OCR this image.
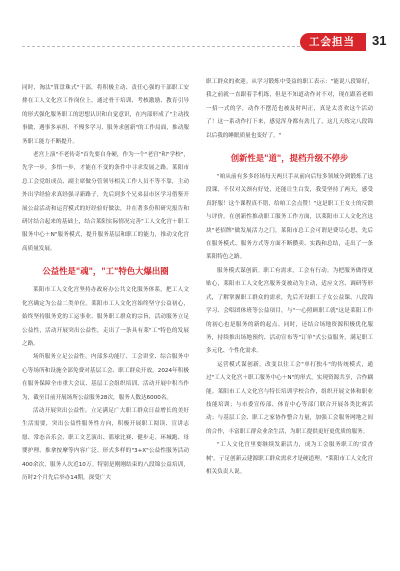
工会担当 31

同时，淘汰"算盘珠式"干部，将积极主动、责任心强的干部职工安排在工人文化宫工作岗位上，通过骨干培训、考核激励、教育引导的形式强化服务职工的思想认识和自觉意识，在内部形成了"主动找事做，遇事多承担、不慢多学习，服务求创新"的工作局面，推动服务职工能力不断提升。

老宫上演"不老传奇"首先要自身硬，作为一个"老宫"和"学校"，先学一步，多悟一步，才能在不变的条件中寻求发展之路。莱阳市总工会党组成员、副主席做分管领导相关工作人员不等不靠，主动外出学经验求真经强寻新路子，先后到多个兄弟县市区学习借鉴开展公益活动和运营模式的好经验好做法，并在著多份积研究报告和研讨结合起来的基础上，结合莱阳实际情况完善"工人文化宫＋职工服务中心＋N"服务模式，提升服务基层和职工的能力，推动文化宫高质量发展。

公益性是"魂"，"工"特色大爆出圈

莱阳市工人文化宫坚持办政府办公共文化服务体系，把工人文化宫确定为公益二类单位。莱阳市工人文化宫始终坚守公益初心，始终坚持服务党的工运事业、服务职工群众的宗旨，活动服务立足公益性，活动开展突出公益性，走出了一条具有莱"工"特色的发展之路。

场所服务立足公益性。内部多功能厅、工会讲堂、综合服务中心等场所和设施全部免费对基层工会、职工群众开放。2024年积极在服务保障全市重大会议、基层工会组织培训、活动开展中积当作为，截至目前开展场所公益服务28次，服务人数达6000名。

活动开展突出公益性。立足满足广大职工群众日益增长的美好生活需要，突出公益性服务性方向，积极开展职工阅读、宣讲志愿、常态音乐会、职工文艺演出、篮球比赛、健步走、环城跑、母婴护理、推拿按摩等内容广泛、形式多样的"3+X"公益性服务活动400余次，服务人次近10万。特别是刚刚结束的八段锦公益培训，历时2个月先后举办14期，深受广大

职工群众的欢迎。从学习锻炼中受益的职工表示："能说八段锦好，我之前就一直跟着手机练，但是不知道动作对不对，现在跟着老师一招一式的学，动作不摆范也被及时纠正，真是太喜欢这个活动了！这一系动作打下来，感觉浑身都有劲儿了，这几天练完八段锦以后我的睡眠质量也变好了。"

创新性是"道"，提档升级不停步

"咱从前有多多经场每天两只手从前向后每多领域分到锻炼了这段课，不仅对关颈有好处，还能让生白发，我受坚持了两天，感受真舒服！这个课程真不错，给咱工会点赞！"这是职工王女士的反馈与评价。在创新性推动职工服务工作方面，以莱阳市工人文化宫这块"老招牌"做发展活力之门，莱阳市总工会可谓是费尽心思，先后在服务模式、服务方式等方面不断攒卖、实践和总结，走出了一条莱阳特色之路。

服务模式谋创新。职工有需求，工会有行动。为把服务做得更贴心，莱阳市工人文化宫服务变被动为主动，适应文宫、调研等形式，了解掌握职工群众的需求，先后开设职工子女公益课、八段锦学习、会唱团体班等公益项目，与"一心照顾职工就"这是莱阳工作的初心也是服务的新的起点。同时，还结合场地资源积极优化服务，持续推出场地预约、活动宣布等"订单"式公益服务，满足职工多元化、个性化需求。

运营模式谋创新。改变以往工会"单打独斗"的传统模式，通过"工人文化宫＋职工服务中心＋N"的形式，实现资源共享，合作耦能。莱阳市工人文化宫与特长培训学校合作，组织开展文体和职业技能培训；与市委宣传部、体育中心等部门联合开展各类比赛活动；与基层工会、职工之家协作整合力量，加强工会服务网地之间的合作，丰富职工群众业余生活，为职工提供更好更优质的服务。

"工人文化宫里要继续发新活力，成为工会服务职工的'赏香树'，亍足创新云建源职工群众需求才是硬道理。"莱阳市工人文化宫相关负责人说。
